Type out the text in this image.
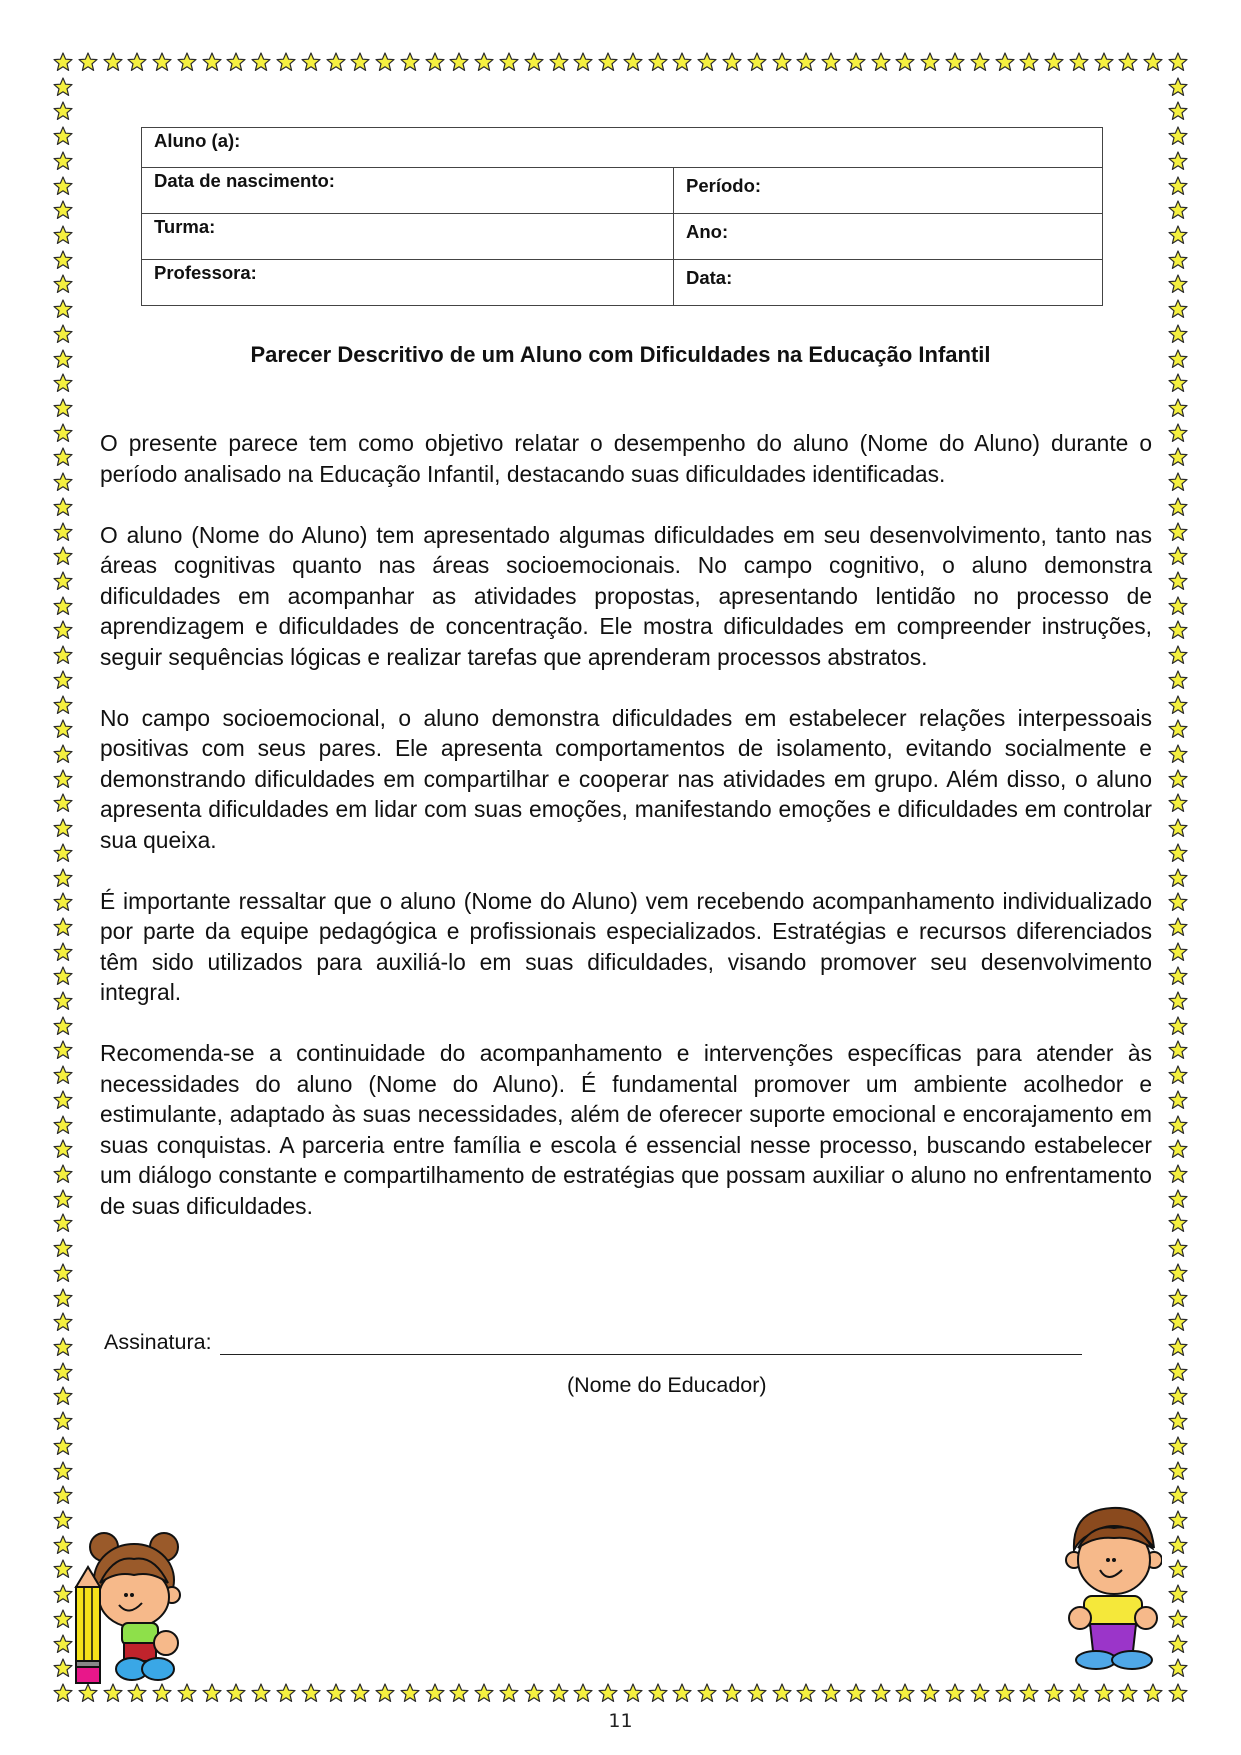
Aluno (a):	
Data de nascimento:	Período:
Turma:	Ano:
Professora:	Data:
Parecer Descritivo de um Aluno com Dificuldades na Educação Infantil

O presente parece tem como objetivo relatar o desempenho do aluno (Nome do Aluno) durante o período analisado na Educação Infantil, destacando suas dificuldades identificadas.

O aluno (Nome do Aluno) tem apresentado algumas dificuldades em seu desenvolvimento, tanto nas áreas cognitivas quanto nas áreas socioemocionais. No campo cognitivo, o aluno demonstra dificuldades em acompanhar as atividades propostas, apresentando lentidão no processo de aprendizagem e dificuldades de concentração. Ele mostra dificuldades em compreender instruções, seguir sequências lógicas e realizar tarefas que aprenderam processos abstratos.

No campo socioemocional, o aluno demonstra dificuldades em estabelecer relações interpessoais positivas com seus pares. Ele apresenta comportamentos de isolamento, evitando socialmente e demonstrando dificuldades em compartilhar e cooperar nas atividades em grupo. Além disso, o aluno apresenta dificuldades em lidar com suas emoções, manifestando emoções e dificuldades em controlar sua queixa.

É importante ressaltar que o aluno (Nome do Aluno) vem recebendo acompanhamento individualizado por parte da equipe pedagógica e profissionais especializados. Estratégias e recursos diferenciados têm sido utilizados para auxiliá-lo em suas dificuldades, visando promover seu desenvolvimento integral.

Recomenda-se a continuidade do acompanhamento e intervenções específicas para atender às necessidades do aluno (Nome do Aluno). É fundamental promover um ambiente acolhedor e estimulante, adaptado às suas necessidades, além de oferecer suporte emocional e encorajamento em suas conquistas. A parceria entre família e escola é essencial nesse processo, buscando estabelecer um diálogo constante e compartilhamento de estratégias que possam auxiliar o aluno no enfrentamento de suas dificuldades.

Assinatura:
(Nome do Educador)
11
